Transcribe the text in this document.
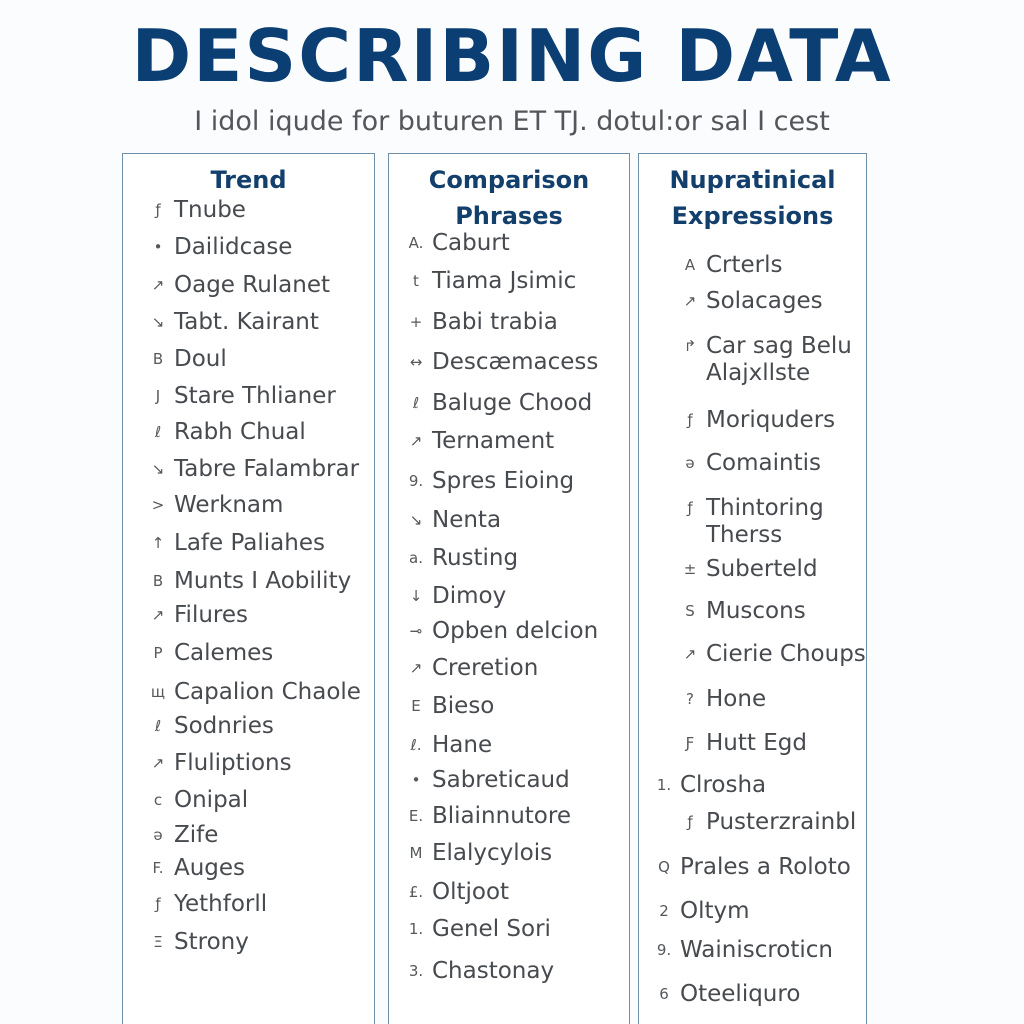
DESCRIBING DATA
I idol iqude for buturen ET TJ. dotul:or sal I cest
Trend
ƒ Tnube
• Dailidcase
↗ Oage Rulanet
↘ Tabt. Kairant
B Doul
J Stare Thlianer
ℓ Rabh Chual
↘ Tabre Falambrar
> Werknam
↑ Lafe Paliahes
B Munts I Aobility
↗ Filures
P Calemes
щ Capalion Chaole
ℓ Sodnries
↗ Fluliptions
c Onipal
ə Zife
F. Auges
ƒ Yethforll
Ξ Strony
Comparison
Phrases
A. Caburt
t Tiama Jsimic
+ Babi trabia
↔ Descæmacess
ℓ Baluge Chood
↗ Ternament
9. Spres Eioing
↘ Nenta
a. Rusting
↓ Dimoy
⊸ Opben delcion
↗ Creretion
E Bieso
ℓ. Hane
• Sabreticaud
E. Bliainnutore
M Elalycylois
£. Oltjoot
1. Genel Sori
3. Chastonay
Nupratinical
Expressions
A Crterls
↗ Solacages
↱ Car sag Belu
Alajxllste
ƒ Moriquders
ə Comaintis
ƒ Thintoring
Therss
± Suberteld
S Muscons
↗ Cierie Choups
? Hone
Ƒ Hutt Egd
1. Clrosha
ƒ Pusterzrainbl
Q Prales a Roloto
2 Oltym
9. Wainiscroticn
6 Oteeliquro
